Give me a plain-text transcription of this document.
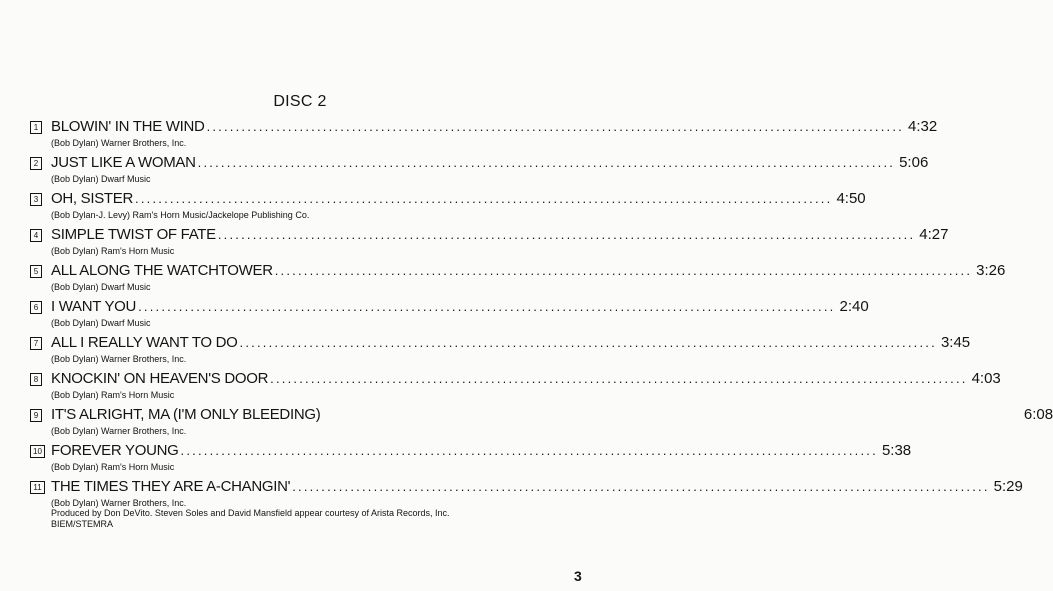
DISC 2
1 BLOWIN' IN THE WIND ........................................................................................................................ 4:32
(Bob Dylan) Warner Brothers, Inc.
2 JUST LIKE A WOMAN ........................................................................................................................ 5:06
(Bob Dylan) Dwarf Music
3 OH, SISTER ........................................................................................................................ 4:50
(Bob Dylan-J. Levy) Ram's Horn Music/Jackelope Publishing Co.
4 SIMPLE TWIST OF FATE ........................................................................................................................ 4:27
(Bob Dylan) Ram's Horn Music
5 ALL ALONG THE WATCHTOWER ........................................................................................................................ 3:26
(Bob Dylan) Dwarf Music
6 I WANT YOU ........................................................................................................................ 2:40
(Bob Dylan) Dwarf Music
7 ALL I REALLY WANT TO DO ........................................................................................................................ 3:45
(Bob Dylan) Warner Brothers, Inc.
8 KNOCKIN' ON HEAVEN'S DOOR ........................................................................................................................ 4:03
(Bob Dylan) Ram's Horn Music
9 IT'S ALRIGHT, MA (I'M ONLY BLEEDING)	6:08
(Bob Dylan) Warner Brothers, Inc.
10 FOREVER YOUNG ........................................................................................................................ 5:38
(Bob Dylan) Ram's Horn Music
11 THE TIMES THEY ARE A-CHANGIN' ........................................................................................................................ 5:29
(Bob Dylan) Warner Brothers, Inc.
Produced by Don DeVito. Steven Soles and David Mansfield appear courtesy of Arista Records, Inc.
BIEM/STEMRA
3
